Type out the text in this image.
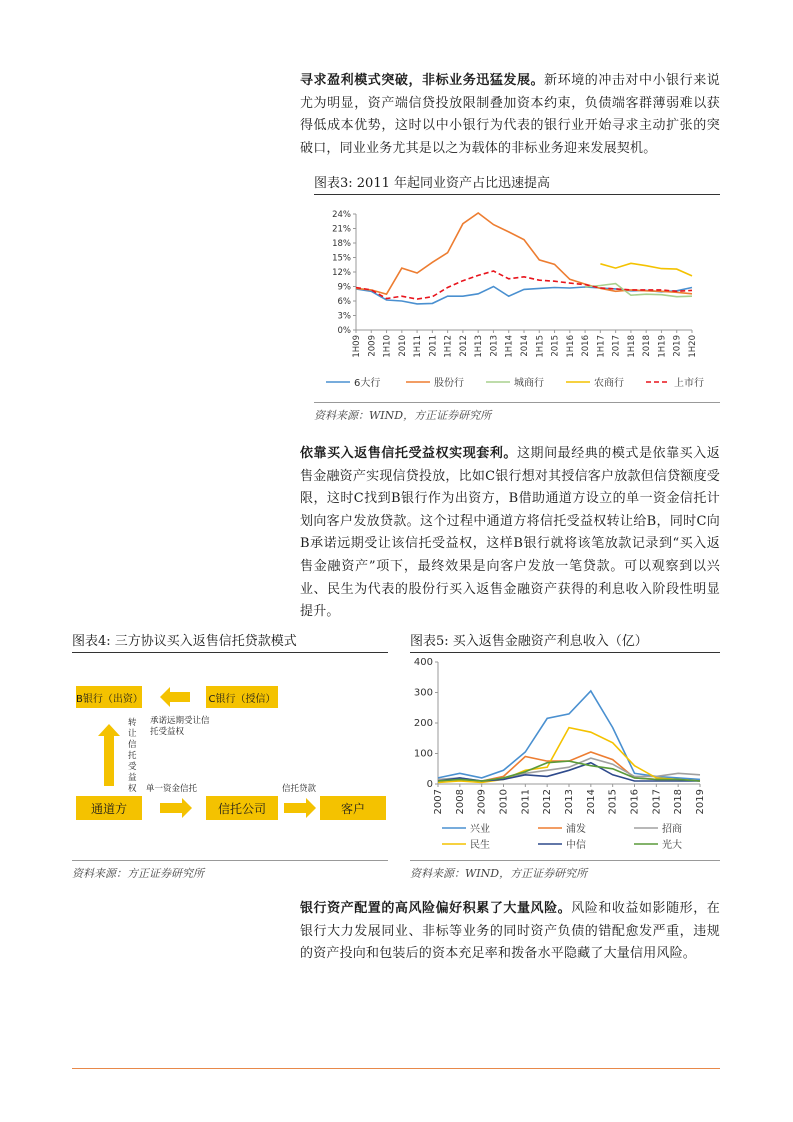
寻求盈利模式突破，非标业务迅猛发展。新环境的冲击对中小银行来说尤为明显，资产端信贷投放限制叠加资本约束，负债端客群薄弱难以获得低成本优势，这时以中小银行为代表的银行业开始寻求主动扩张的突破口，同业业务尤其是以之为载体的非标业务迎来发展契机。
图表3: 2011 年起同业资产占比迅速提高
0%
3%
6%
9%
12%
15%
18%
21%
24%
1H09 2009 1H10 2010 1H11 2011 1H12 2012 1H13 2013 1H14 2014 1H15 2015 1H16 2016 1H17 2017 1H18 2018 1H19 2019 1H20
6大行	股份行	城商行	农商行	上市行
资料来源：WIND，方正证券研究所
依靠买入返售信托受益权实现套利。这期间最经典的模式是依靠买入返售金融资产实现信贷投放，比如C银行想对其授信客户放款但信贷额度受限，这时C找到B银行作为出资方，B借助通道方设立的单一资金信托计划向客户发放贷款。这个过程中通道方将信托受益权转让给B，同时C向B承诺远期受让该信托受益权，这样B银行就将该笔放款记录到“买入返售金融资产”项下，最终效果是向客户发放一笔贷款。可以观察到以兴业、民生为代表的股份行买入返售金融资产获得的利息收入阶段性明显提升。
图表4: 三方协议买入返售信托贷款模式
B银行（出资）	C银行（授信）
转让信托受益权
承诺远期受让信托受益权
通道方
单一资金信托
信托公司
信托贷款
客户
资料来源：方正证券研究所
图表5: 买入返售金融资产利息收入（亿）
0
100
200
300
400
2007 2008 2009 2010 2011 2012 2013 2014 2015 2016 2017 2018 2019
兴业	浦发	招商
民生	中信	光大
资料来源：WIND，方正证券研究所
银行资产配置的高风险偏好积累了大量风险。风险和收益如影随形，在银行大力发展同业、非标等业务的同时资产负债的错配愈发严重，违规的资产投向和包装后的资本充足率和拨备水平隐藏了大量信用风险。
